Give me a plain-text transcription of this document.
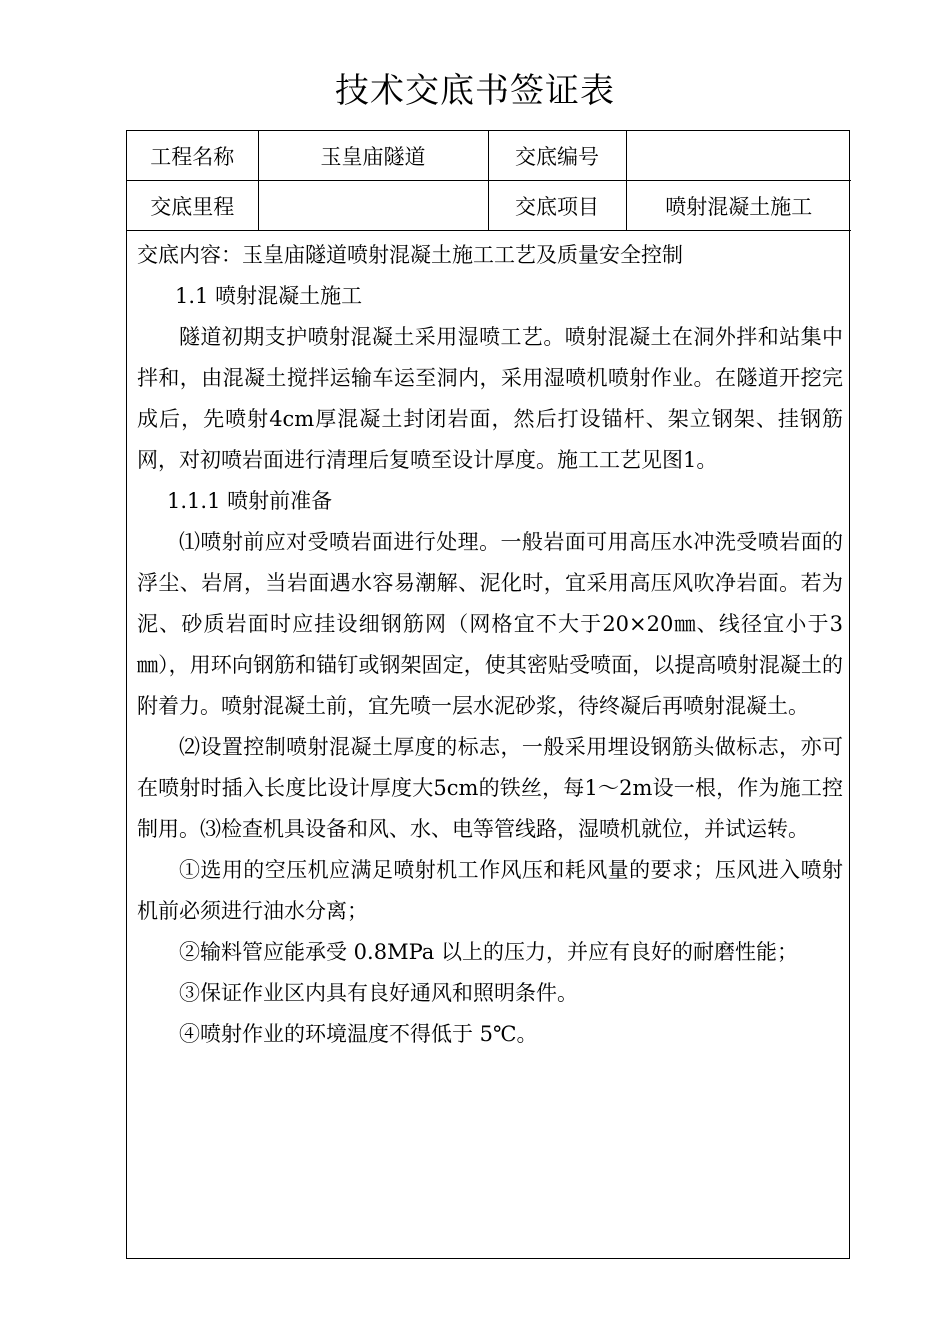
技术交底书签证表
工程名称	玉皇庙隧道	交底编号	
交底里程		交底项目	喷射混凝土施工

交底内容：玉皇庙隧道喷射混凝土施工工艺及质量安全控制

1.1 喷射混凝土施工

隧道初期支护喷射混凝土采用湿喷工艺。喷射混凝土在洞外拌和站集中拌和，由混凝土搅拌运输车运至洞内，采用湿喷机喷射作业。在隧道开挖完成后，先喷射4cm厚混凝土封闭岩面，然后打设锚杆、架立钢架、挂钢筋网，对初喷岩面进行清理后复喷至设计厚度。施工工艺见图1。

1.1.1 喷射前准备

⑴喷射前应对受喷岩面进行处理。一般岩面可用高压水冲洗受喷岩面的浮尘、岩屑，当岩面遇水容易潮解、泥化时，宜采用高压风吹净岩面。若为泥、砂质岩面时应挂设细钢筋网（网格宜不大于20×20㎜、线径宜小于3㎜），用环向钢筋和锚钉或钢架固定，使其密贴受喷面，以提高喷射混凝土的附着力。喷射混凝土前，宜先喷一层水泥砂浆，待终凝后再喷射混凝土。

⑵设置控制喷射混凝土厚度的标志，一般采用埋设钢筋头做标志，亦可在喷射时插入长度比设计厚度大5cm的铁丝，每1～2m设一根，作为施工控制用。⑶检查机具设备和风、水、电等管线路，湿喷机就位，并试运转。

①选用的空压机应满足喷射机工作风压和耗风量的要求；压风进入喷射机前必须进行油水分离；

②输料管应能承受 0.8MPa 以上的压力，并应有良好的耐磨性能；

③保证作业区内具有良好通风和照明条件。

④喷射作业的环境温度不得低于 5℃。
